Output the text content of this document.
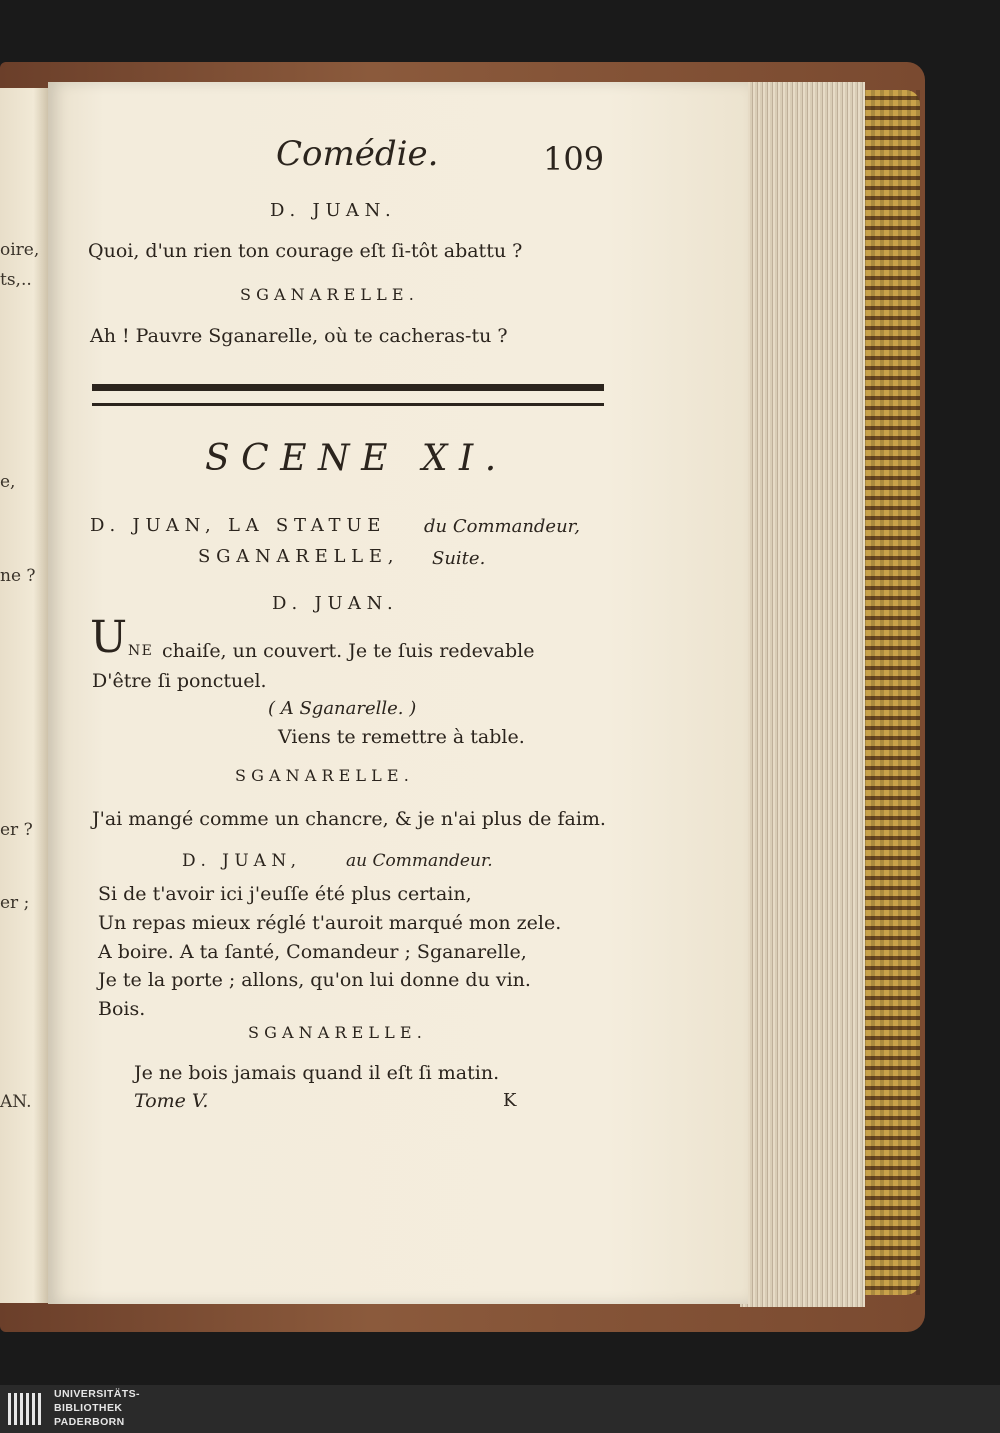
oire,
ts,..
e,
ne ?
er ?
er ;
AN.
Comédie.	109
D. JUAN.
Quoi, d'un rien ton courage eſt ſi-tôt abattu ?
SGANARELLE.
Ah ! Pauvre Sganarelle, où te cacheras-tu ?
SCENE XI.
D. JUAN, LA STATUE du Commandeur,
SGANARELLE, Suite.
D. JUAN.
U NE chaiſe, un couvert. Je te ſuis redevable
D'être ſi ponctuel.
( A Sganarelle. )
Viens te remettre à table.
SGANARELLE.
J'ai mangé comme un chancre, & je n'ai plus de faim.
D. JUAN,	au Commandeur.
Si de t'avoir ici j'euſſe été plus certain,
Un repas mieux réglé t'auroit marqué mon zele.
A boire. A ta ſanté, Comandeur ; Sganarelle,
Je te la porte ; allons, qu'on lui donne du vin.
Bois.
SGANARELLE.
Je ne bois jamais quand il eſt ſi matin.
Tome V.	K
UNIVERSITÄTS-
BIBLIOTHEK
PADERBORN
